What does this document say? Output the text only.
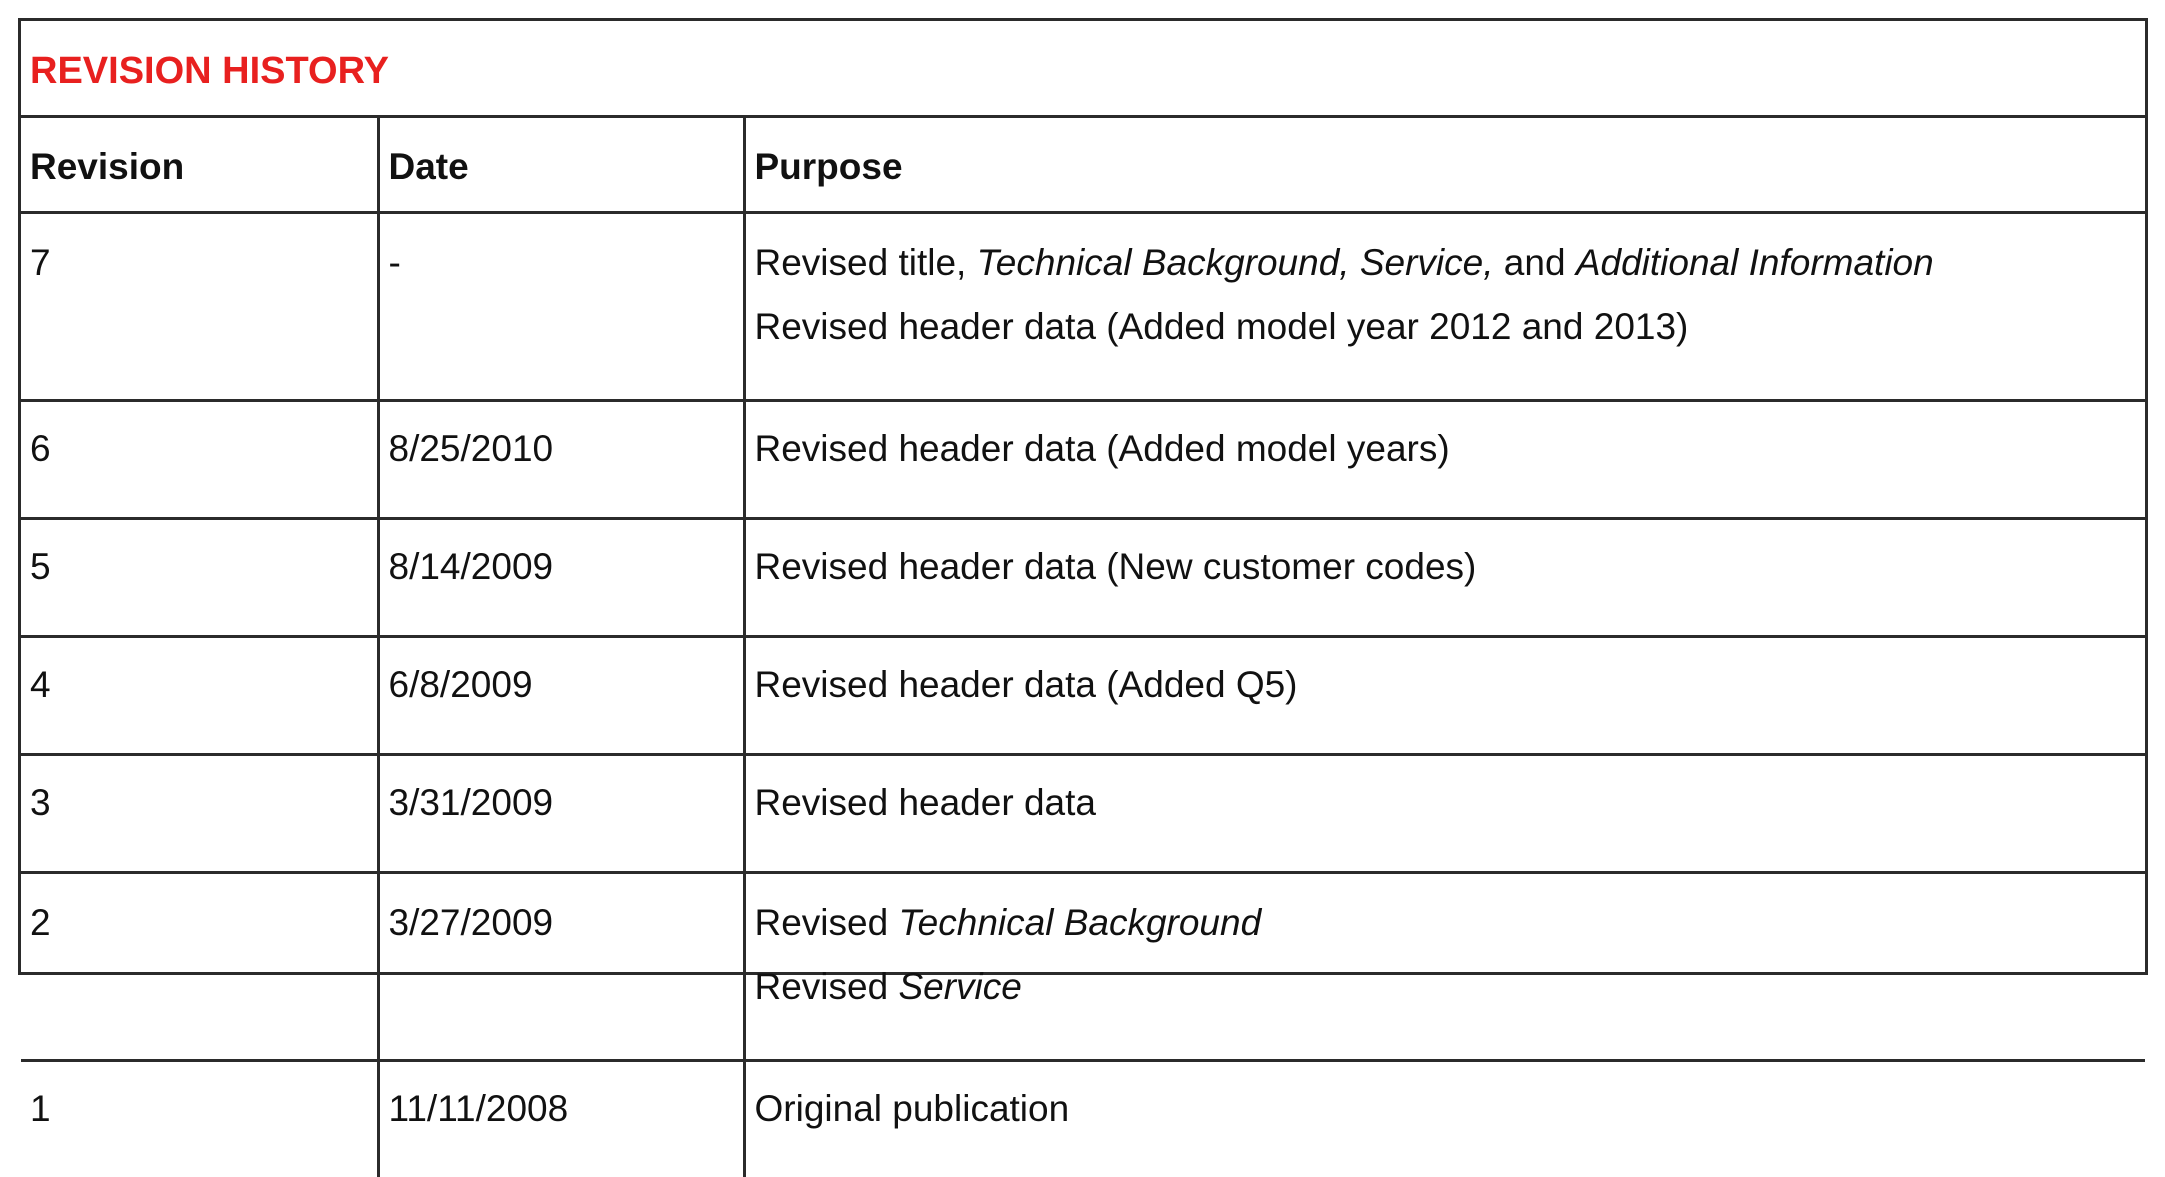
REVISION HISTORY		
Revision	Date	Purpose
7	-	Revised title, Technical Background, Service, and Additional Information
Revised header data (Added model year 2012 and 2013)

6	8/25/2010	Revised header data (Added model years)

5	8/14/2009	Revised header data (New customer codes)

4	6/8/2009	Revised header data (Added Q5)

3	3/31/2009	Revised header data

2	3/27/2009	Revised Technical Background
Revised Service

1	11/11/2008	Original publication
